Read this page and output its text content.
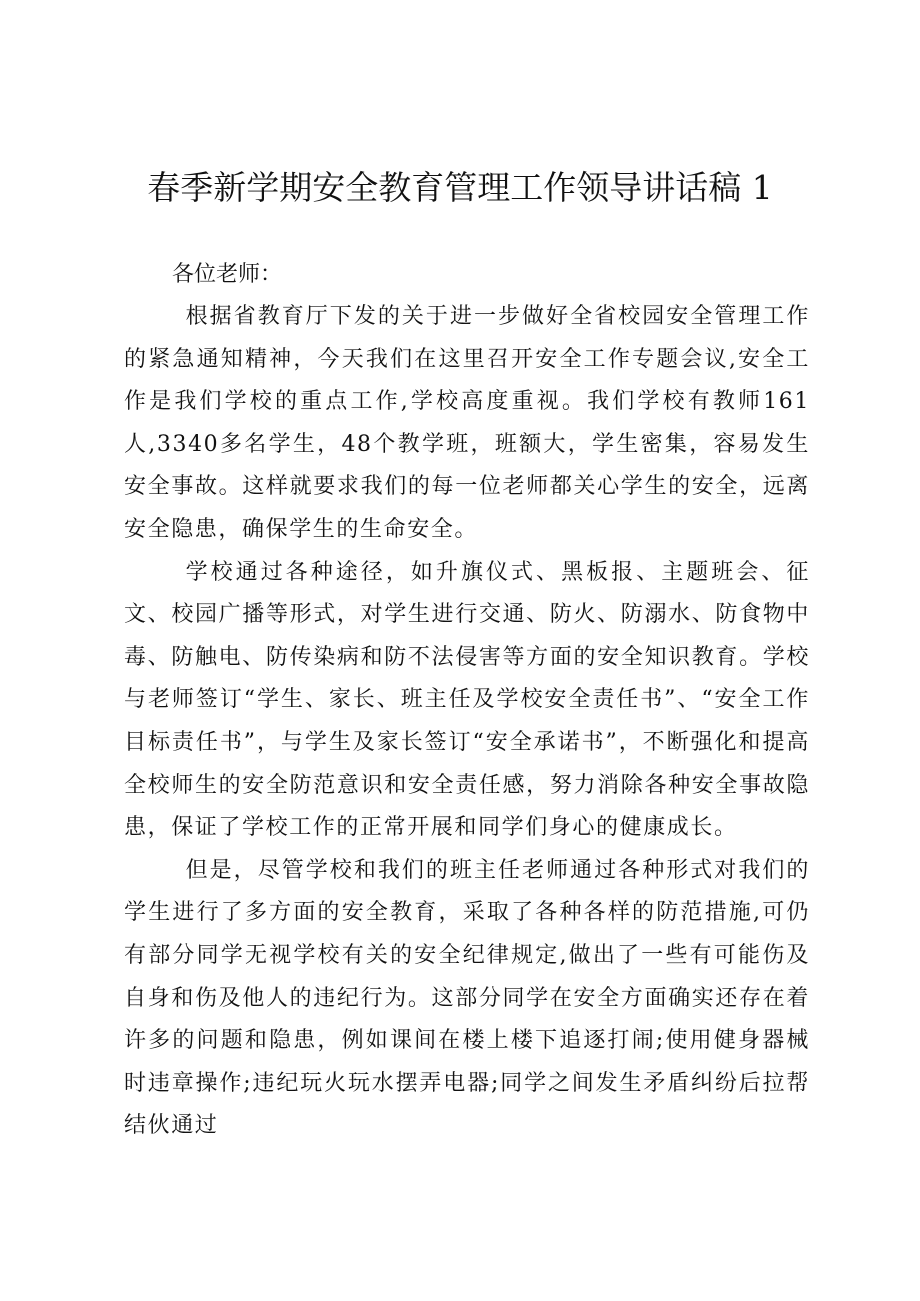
春季新学期安全教育管理工作领导讲话稿 1

各位老师：

根据省教育厅下发的关于进一步做好全省校园安全管理工作的紧急通知精神，今天我们在这里召开安全工作专题会议,安全工作是我们学校的重点工作,学校高度重视。我们学校有教师161人,3340多名学生，48个教学班，班额大，学生密集，容易发生安全事故。这样就要求我们的每一位老师都关心学生的安全，远离安全隐患，确保学生的生命安全。

学校通过各种途径，如升旗仪式、黑板报、主题班会、征文、校园广播等形式，对学生进行交通、防火、防溺水、防食物中毒、防触电、防传染病和防不法侵害等方面的安全知识教育。学校与老师签订“学生、家长、班主任及学校安全责任书”、“安全工作目标责任书”，与学生及家长签订“安全承诺书”，不断强化和提高全校师生的安全防范意识和安全责任感，努力消除各种安全事故隐患，保证了学校工作的正常开展和同学们身心的健康成长。

但是，尽管学校和我们的班主任老师通过各种形式对我们的学生进行了多方面的安全教育，采取了各种各样的防范措施,可仍有部分同学无视学校有关的安全纪律规定,做出了一些有可能伤及自身和伤及他人的违纪行为。这部分同学在安全方面确实还存在着许多的问题和隐患，例如课间在楼上楼下追逐打闹;使用健身器械时违章操作;违纪玩火玩水摆弄电器;同学之间发生矛盾纠纷后拉帮结伙通过
